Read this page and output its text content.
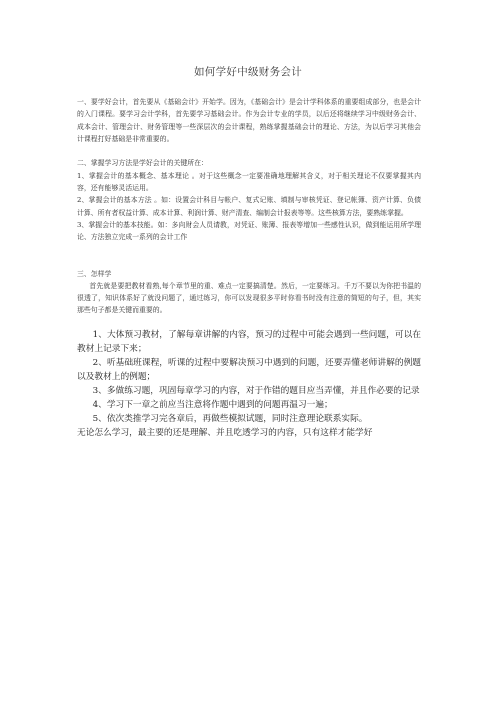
如何学好中级财务会计

一、要学好会计，首先要从《基础会计》开始学。因为，《基础会计》是会计学科体系的重要组成部分，也是会计的入门课程。要学习会计学科，首先要学习基础会计。作为会计专业的学员，以后还将继续学习中级财务会计、成本会计、管理会计、财务管理等一些深层次的会计课程，熟练掌握基础会计的理论、方法，为以后学习其他会计课程打好基础是非常重要的。

二、掌握学习方法是学好会计的关键所在：

1、掌握会计的基本概念、基本理论 。对于这些概念一定要准确地理解其含义，对于相关理论不仅要掌握其内容，还有能够灵活运用。

2、掌握会计的基本方法 。如：设置会计科目与帐户、复式记账、填制与审核凭证、登记帐簿、资产计算、负债计算、所有者权益计算、成本计算、利润计算、财产清查、编制会计报表等等。这些核算方法，要熟练掌握。

3、掌握会计的基本技能。如：多向财会人员请教，对凭证、账簿、报表等增加一些感性认识，做到能运用所学理论、方法独立完成一系列的会计工作

三、怎样学

首先就是要把教材看熟,每个章节里的重、难点一定要搞清楚。然后，一定要练习。千万不要以为你把书温的很透了，知识体系好了就没问题了，通过练习，你可以发现很多平时你看书时没有注意的简短的句子，但，其实那些句子都是关键而重要的。

1、大体预习教材，了解每章讲解的内容，预习的过程中可能会遇到一些问题，可以在教材上记录下来；

2、听基础班课程，听课的过程中要解决预习中遇到的问题，还要弄懂老师讲解的例题以及教材上的例题；

3、多做练习题，巩固每章学习的内容，对于作错的题目应当弄懂，并且作必要的记录

4、学习下一章之前应当注意将作题中遇到的问题再温习一遍；

5、依次类推学习完各章后，再做些模拟试题，同时注意理论联系实际。

无论怎么学习，最主要的还是理解、并且吃透学习的内容，只有这样才能学好
